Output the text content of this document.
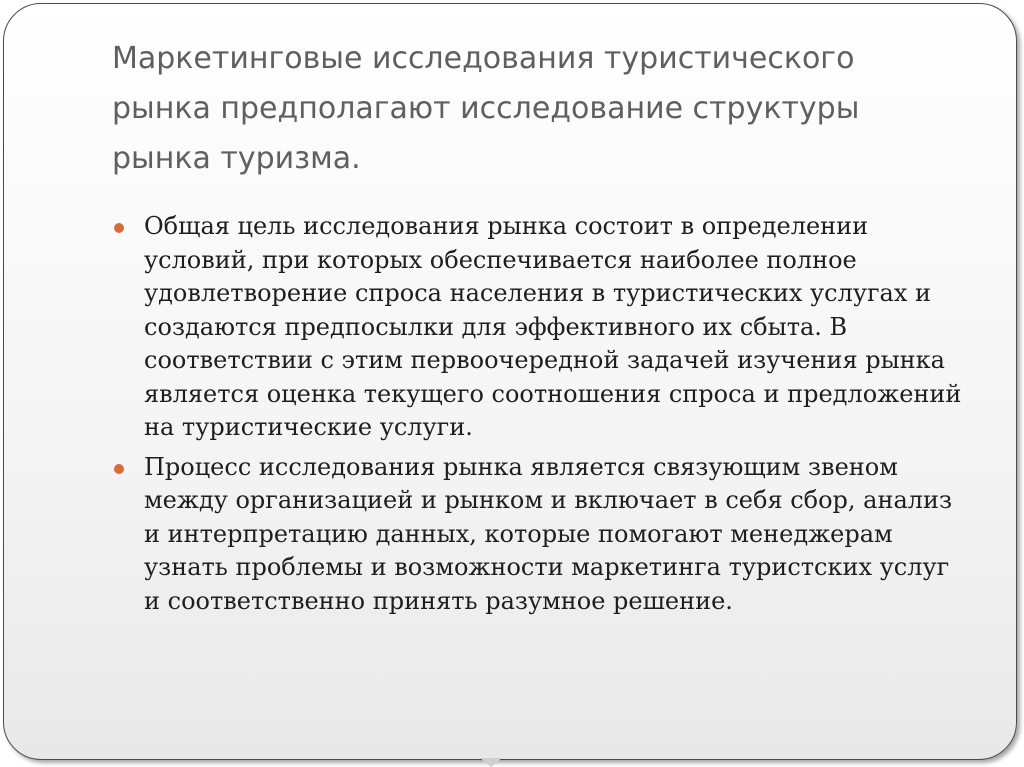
Маркетинговые исследования туристического рынка предполагают исследование структуры рынка туризма.
Общая цель исследования рынка состоит в определении условий, при которых обеспечивается наиболее полное удовлетворение спроса населения в туристических услугах и создаются предпосылки для эффективного их сбыта. В соответствии с этим первоочередной задачей изучения рынка является оценка текущего соотношения спроса и предложений на туристические услуги.
Процесс исследования рынка является связующим звеном между организацией и рынком и включает в себя сбор, анализ и интерпретацию данных, которые помогают менеджерам узнать проблемы и возможности маркетинга туристских услуг и соответственно принять разумное решение.
